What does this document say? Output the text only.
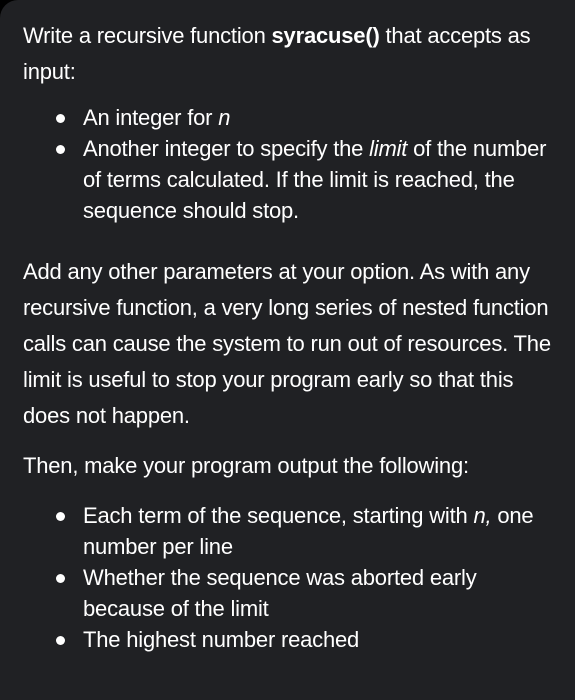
Write a recursive function syracuse() that accepts as input:

An integer for n
Another integer to specify the limit of the number of terms calculated. If the limit is reached, the sequence should stop.

Add any other parameters at your option. As with any recursive function, a very long series of nested function calls can cause the system to run out of resources. The limit is useful to stop your program early so that this does not happen.

Then, make your program output the following:

Each term of the sequence, starting with n, one number per line
Whether the sequence was aborted early because of the limit
The highest number reached
